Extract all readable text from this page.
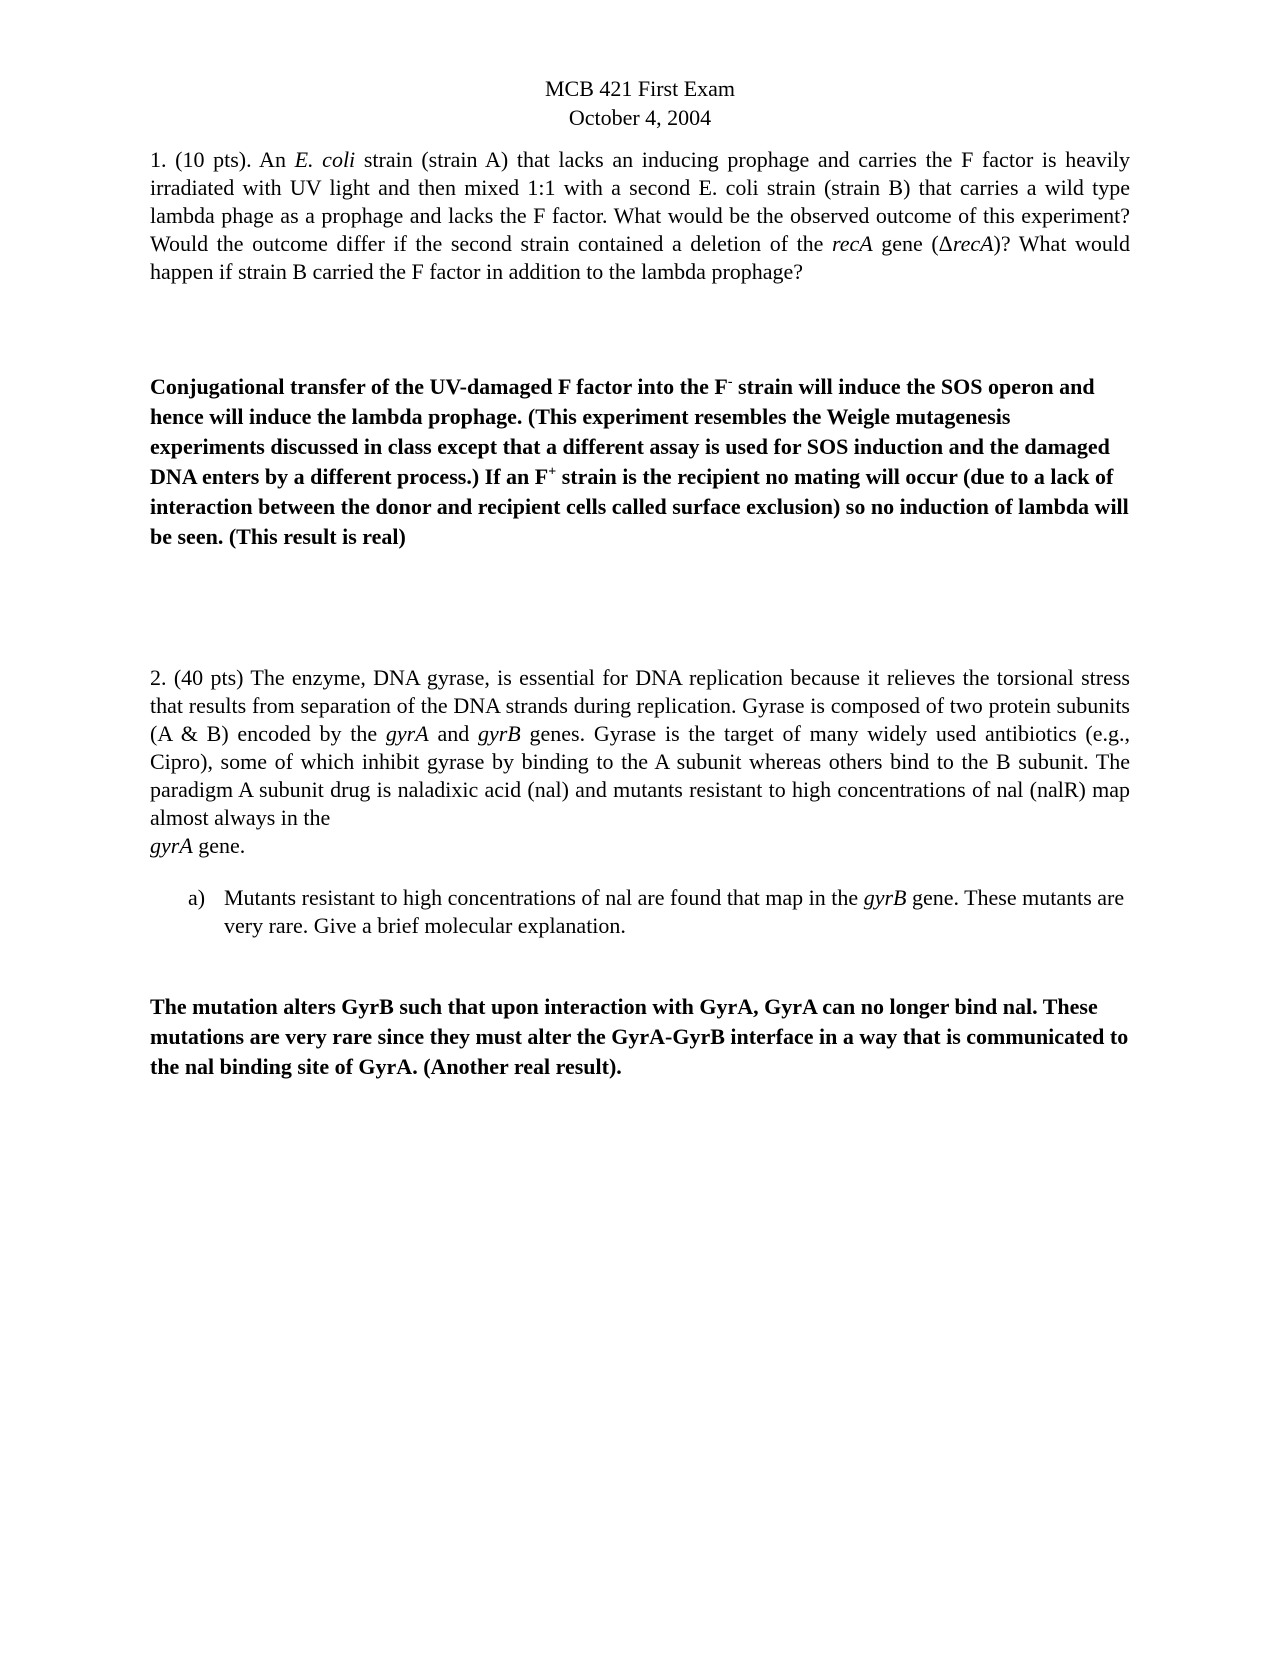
MCB 421 First Exam
October 4, 2004

1. (10 pts). An E. coli strain (strain A) that lacks an inducing prophage and carries the F factor is heavily irradiated with UV light and then mixed 1:1 with a second E. coli strain (strain B) that carries a wild type lambda phage as a prophage and lacks the F factor. What would be the observed outcome of this experiment? Would the outcome differ if the second strain contained a deletion of the recA gene (ΔrecA)? What would happen if strain B carried the F factor in addition to the lambda prophage?

Conjugational transfer of the UV-damaged F factor into the F- strain will induce the SOS operon and hence will induce the lambda prophage. (This experiment resembles the Weigle mutagenesis experiments discussed in class except that a different assay is used for SOS induction and the damaged DNA enters by a different process.) If an F+ strain is the recipient no mating will occur (due to a lack of interaction between the donor and recipient cells called surface exclusion) so no induction of lambda will be seen. (This result is real)

2. (40 pts) The enzyme, DNA gyrase, is essential for DNA replication because it relieves the torsional stress that results from separation of the DNA strands during replication. Gyrase is composed of two protein subunits (A & B) encoded by the gyrA and gyrB genes. Gyrase is the target of many widely used antibiotics (e.g., Cipro), some of which inhibit gyrase by binding to the A subunit whereas others bind to the B subunit. The paradigm A subunit drug is naladixic acid (nal) and mutants resistant to high concentrations of nal (nalR) map almost always in the
gyrA gene.

a) Mutants resistant to high concentrations of nal are found that map in the gyrB gene. These mutants are very rare. Give a brief molecular explanation.

The mutation alters GyrB such that upon interaction with GyrA, GyrA can no longer bind nal. These mutations are very rare since they must alter the GyrA-GyrB interface in a way that is communicated to the nal binding site of GyrA. (Another real result).
